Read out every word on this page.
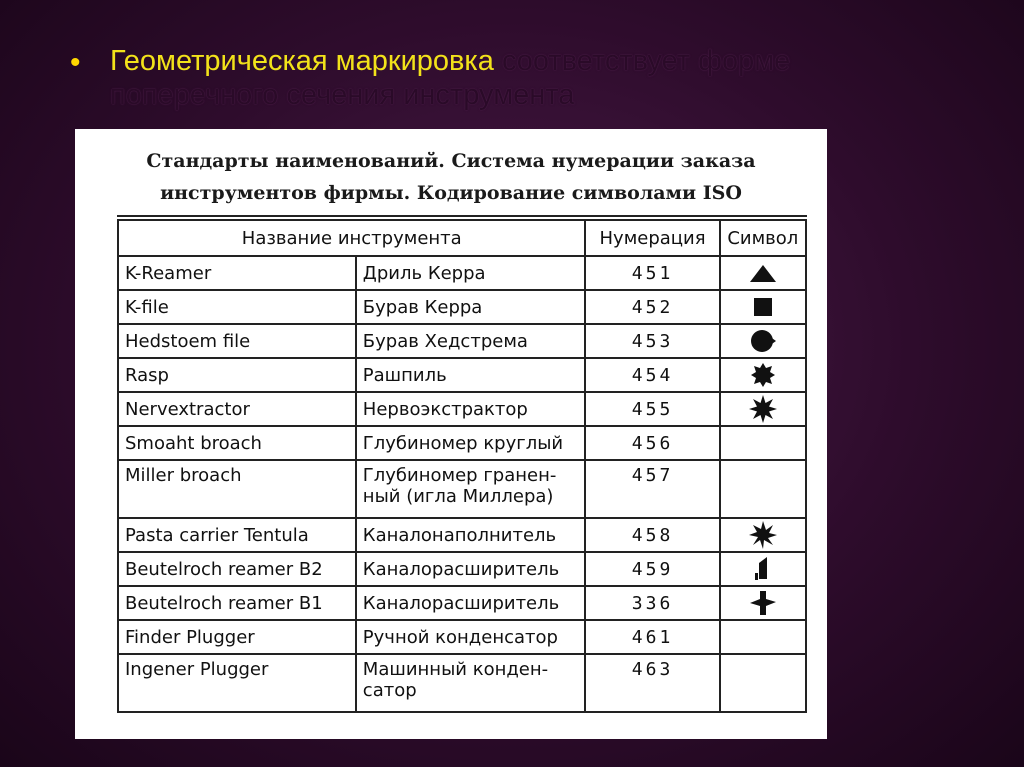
• Геометрическая маркировка соответствует форме поперечного сечения инструмента
Стандарты наименований. Система нумерации заказа
инструментов фирмы. Кодирование символами ISO
Название инструмента		Нумерация	Символ
K-Reamer	Дриль Керра	451	

K-file	Бурав Керра	452	

Hedstoem file	Бурав Хедстрема	453	

Rasp	Рашпиль	454	

Nervextractor	Нервоэкстрактор	455	

Smoaht broach	Глубиномер круглый	456	
Miller broach	Глубиномер гранен-
ный (игла Миллера)	457	
Pasta carrier Tentula	Каналонаполнитель	458	

Beutelroch reamer B2	Каналорасширитель	459	

Beutelroch reamer B1	Каналорасширитель	336	

Finder Plugger	Ручной конденсатор	461	
Ingener Plugger	Машинный конден-
сатор	463	
